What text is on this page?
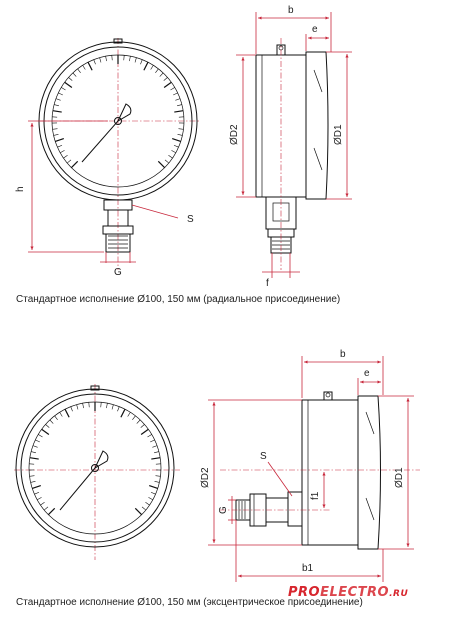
h
S
G
b
e
ØD2	ØD1
f
b
e
ØD2	ØD1
f1
S
G
b1
Стандартное исполнение Ø100, 150 мм (радиальное присоединение)
Стандартное исполнение Ø100, 150 мм (эксцентрическое присоединение)
PROELECTRO.RU
